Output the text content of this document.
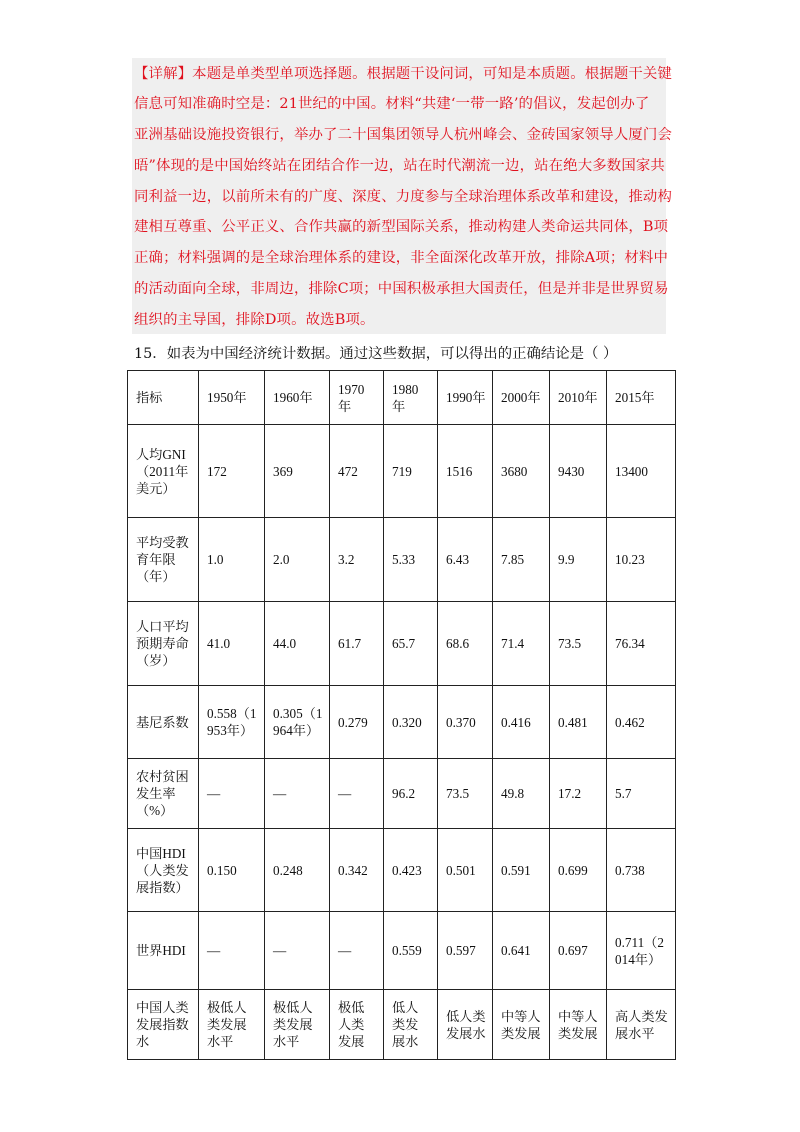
【详解】本题是单类型单项选择题。根据题干设问词，可知是本质题。根据题干关键
信息可知准确时空是：21世纪的中国。材料“共建‘一带一路’的倡议，发起创办了
亚洲基础设施投资银行，举办了二十国集团领导人杭州峰会、金砖国家领导人厦门会
晤”体现的是中国始终站在团结合作一边，站在时代潮流一边，站在绝大多数国家共
同利益一边，以前所未有的广度、深度、力度参与全球治理体系改革和建设，推动构
建相互尊重、公平正义、合作共赢的新型国际关系，推动构建人类命运共同体，B项
正确；材料强调的是全球治理体系的建设，非全面深化改革开放，排除A项；材料中
的活动面向全球，非周边，排除C项；中国积极承担大国责任，但是并非是世界贸易
组织的主导国，排除D项。故选B项。
15．如表为中国经济统计数据。通过这些数据，可以得出的正确结论是（ ）
指标	1950年	1960年	1970年	1980年	1990年	2000年	2010年	2015年
人均GNI（2011年美元）	172	369	472	719	1516	3680	9430	13400
平均受教育年限（年）	1.0	2.0	3.2	5.33	6.43	7.85	9.9	10.23
人口平均预期寿命（岁）	41.0	44.0	61.7	65.7	68.6	71.4	73.5	76.34
基尼系数	0.558（1953年）	0.305（1964年）	0.279	0.320	0.370	0.416	0.481	0.462
农村贫困发生率（%）	—	—	—	96.2	73.5	49.8	17.2	5.7
中国HDI（人类发展指数）	0.150	0.248	0.342	0.423	0.501	0.591	0.699	0.738
世界HDI	—	—	—	0.559	0.597	0.641	0.697	0.711（2014年）
中国人类发展指数水	极低人类发展水平	极低人类发展水平	极低人类发展	低人类发展水	低人类发展水	中等人类发展	中等人类发展	高人类发展水平
